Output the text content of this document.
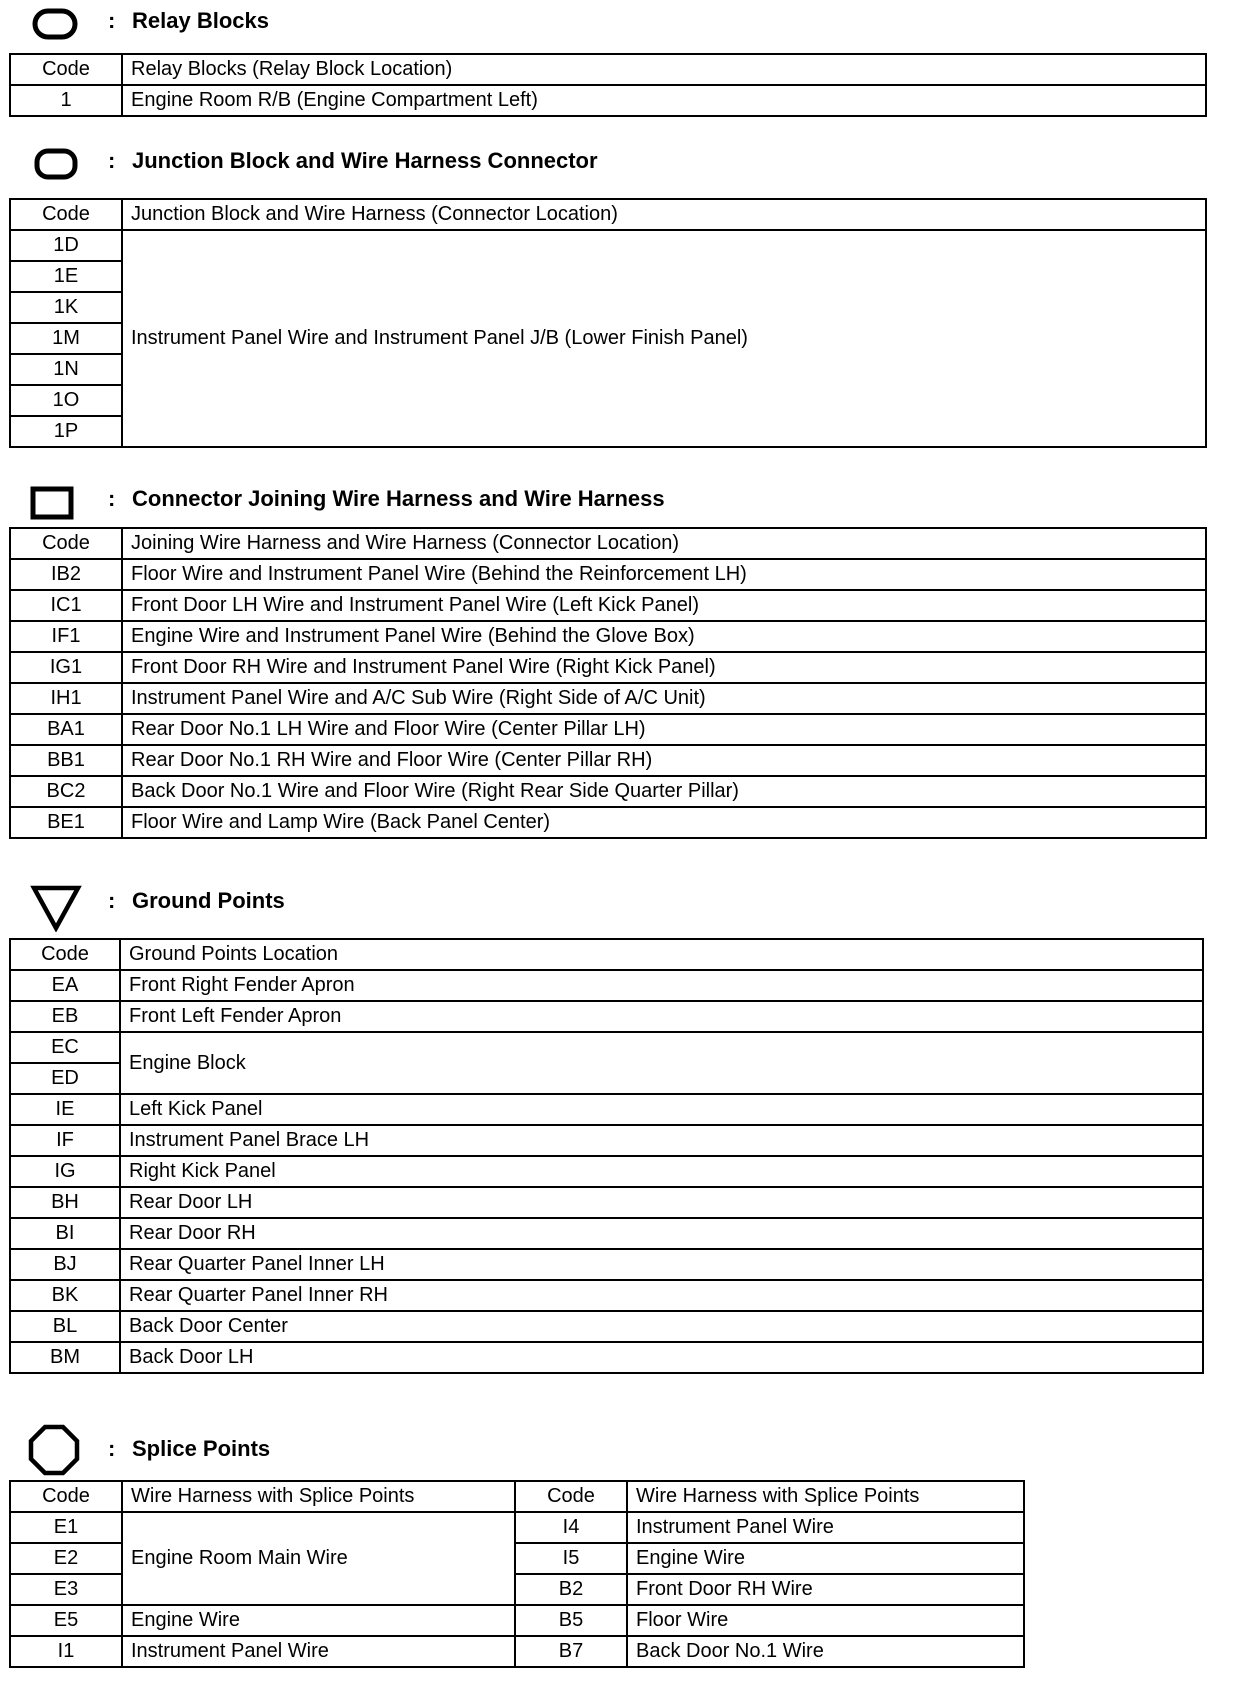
: Relay Blocks
Code	Relay Blocks (Relay Block Location)
1	Engine Room R/B (Engine Compartment Left)
: Junction Block and Wire Harness Connector
Code	Junction Block and Wire Harness (Connector Location)
1D	Instrument Panel Wire and Instrument Panel J/B (Lower Finish Panel)
1E	
1K	
1M	
1N	
1O	
1P	
: Connector Joining Wire Harness and Wire Harness
Code	Joining Wire Harness and Wire Harness (Connector Location)
IB2	Floor Wire and Instrument Panel Wire (Behind the Reinforcement LH)
IC1	Front Door LH Wire and Instrument Panel Wire (Left Kick Panel)
IF1	Engine Wire and Instrument Panel Wire (Behind the Glove Box)
IG1	Front Door RH Wire and Instrument Panel Wire (Right Kick Panel)
IH1	Instrument Panel Wire and A/C Sub Wire (Right Side of A/C Unit)
BA1	Rear Door No.1 LH Wire and Floor Wire (Center Pillar LH)
BB1	Rear Door No.1 RH Wire and Floor Wire (Center Pillar RH)
BC2	Back Door No.1 Wire and Floor Wire (Right Rear Side Quarter Pillar)
BE1	Floor Wire and Lamp Wire (Back Panel Center)
: Ground Points
Code	Ground Points Location
EA	Front Right Fender Apron
EB	Front Left Fender Apron
EC	Engine Block
ED	
IE	Left Kick Panel
IF	Instrument Panel Brace LH
IG	Right Kick Panel
BH	Rear Door LH
BI	Rear Door RH
BJ	Rear Quarter Panel Inner LH
BK	Rear Quarter Panel Inner RH
BL	Back Door Center
BM	Back Door LH
: Splice Points
Code	Wire Harness with Splice Points	Code	Wire Harness with Splice Points
E1	Engine Room Main Wire	I4	Instrument Panel Wire
E2		I5	Engine Wire
E3		B2	Front Door RH Wire
E5	Engine Wire	B5	Floor Wire
I1	Instrument Panel Wire	B7	Back Door No.1 Wire
